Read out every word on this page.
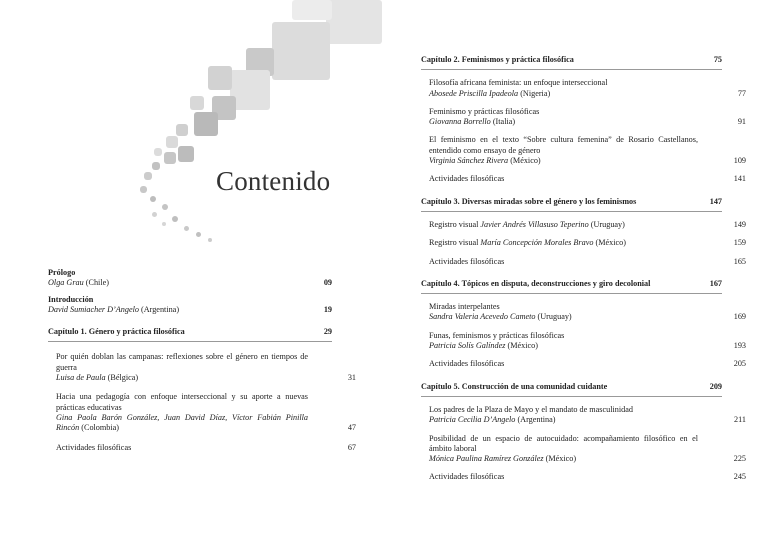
Contenido
Prólogo
Olga Grau (Chile)	09
Introducción
David Sumiacher D’Angelo (Argentina)	19
Capítulo 1. Género y práctica filosófica	29
Por quién doblan las campanas: reflexiones sobre el género en tiempos de guerra
Luisa de Paula (Bélgica)	31
Hacia una pedagogía con enfoque interseccional y su aporte a nuevas prácticas educativas
Gina Paola Barón González, Juan David Díaz, Víctor Fabián Pinilla Rincón (Colombia)	47
Actividades filosóficas	67
Capítulo 2. Feminismos y práctica filosófica	75
Filosofía africana feminista: un enfoque interseccional
Abosede Priscilla Ipadeola (Nigeria)	77
Feminismo y prácticas filosóficas
Giovanna Borrello (Italia)	91
El feminismo en el texto “Sobre cultura femenina” de Rosario Castellanos, entendido como ensayo de género
Virginia Sánchez Rivera (México)	109
Actividades filosóficas	141
Capítulo 3. Diversas miradas sobre el género y los feminismos	147
Registro visual Javier Andrés Villasuso Teperino (Uruguay)	149
Registro visual María Concepción Morales Bravo (México)	159
Actividades filosóficas	165
Capítulo 4. Tópicos en disputa, deconstrucciones y giro decolonial	167
Miradas interpelantes
Sandra Valeria Acevedo Cameto (Uruguay)	169
Funas, feminismos y prácticas filosóficas
Patricia Solís Galíndez (México)	193
Actividades filosóficas	205
Capítulo 5. Construcción de una comunidad cuidante	209
Los padres de la Plaza de Mayo y el mandato de masculinidad
Patricia Cecilia D’Angelo (Argentina)	211
Posibilidad de un espacio de autocuidado: acompañamiento filosófico en el ámbito laboral
Mónica Paulina Ramírez González (México)	225
Actividades filosóficas	245
